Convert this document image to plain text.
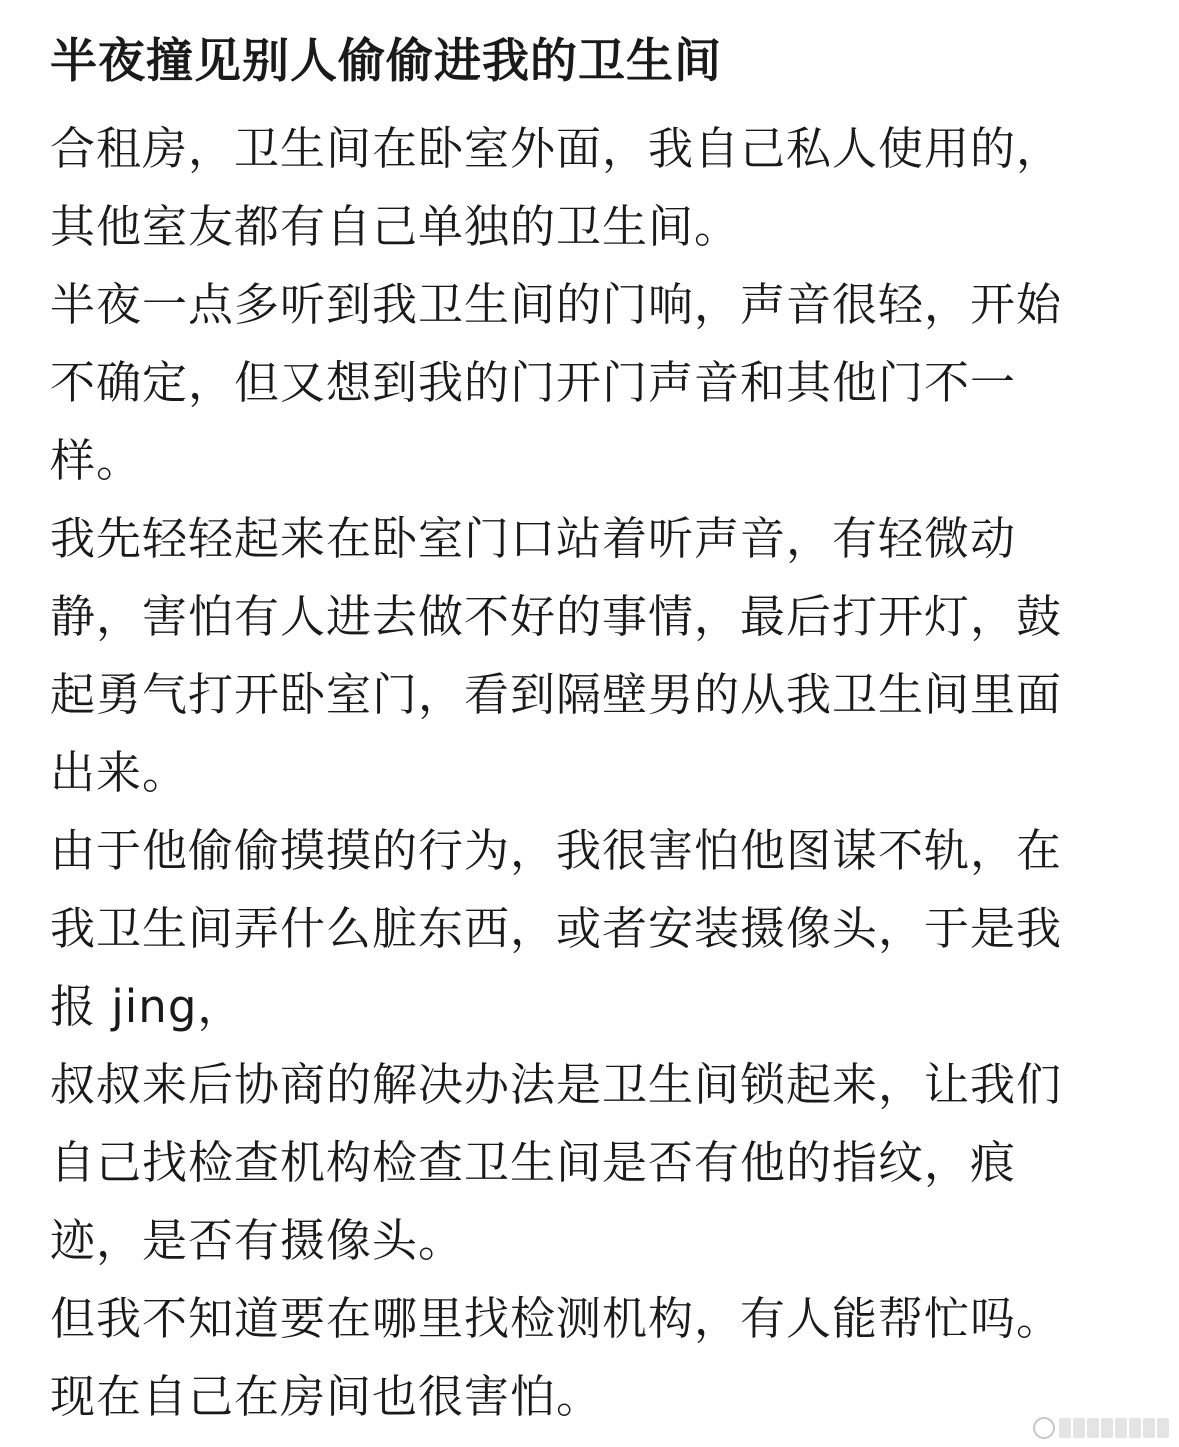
半夜撞见别人偷偷进我的卫生间
合租房，卫生间在卧室外面，我自己私人使用的，
其他室友都有自己单独的卫生间。
半夜一点多听到我卫生间的门响，声音很轻，开始
不确定，但又想到我的门开门声音和其他门不一
样。
我先轻轻起来在卧室门口站着听声音，有轻微动
静，害怕有人进去做不好的事情，最后打开灯，鼓
起勇气打开卧室门，看到隔壁男的从我卫生间里面
出来。
由于他偷偷摸摸的行为，我很害怕他图谋不轨，在
我卫生间弄什么脏东西，或者安装摄像头，于是我
报 jing，
叔叔来后协商的解决办法是卫生间锁起来，让我们
自己找检查机构检查卫生间是否有他的指纹，痕
迹，是否有摄像头。
但我不知道要在哪里找检测机构，有人能帮忙吗。
现在自己在房间也很害怕。
